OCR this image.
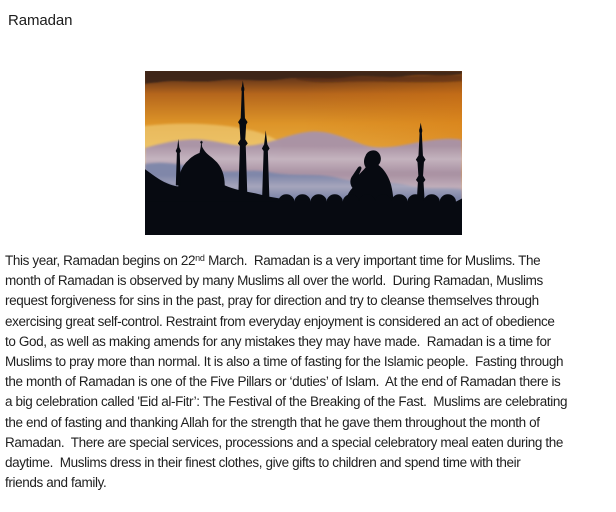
Ramadan
This year, Ramadan begins on 22nd March.  Ramadan is a very important time for Muslims. The
month of Ramadan is observed by many Muslims all over the world.  During Ramadan, Muslims
request forgiveness for sins in the past, pray for direction and try to cleanse themselves through
exercising great self-control. Restraint from everyday enjoyment is considered an act of obedience
to God, as well as making amends for any mistakes they may have made.  Ramadan is a time for
Muslims to pray more than normal. It is also a time of fasting for the Islamic people.  Fasting through
the month of Ramadan is one of the Five Pillars or ‘duties’ of Islam.  At the end of Ramadan there is
a big celebration called 'Eid al-Fitr’: The Festival of the Breaking of the Fast.  Muslims are celebrating
the end of fasting and thanking Allah for the strength that he gave them throughout the month of
Ramadan.  There are special services, processions and a special celebratory meal eaten during the
daytime.  Muslims dress in their finest clothes, give gifts to children and spend time with their
friends and family.
